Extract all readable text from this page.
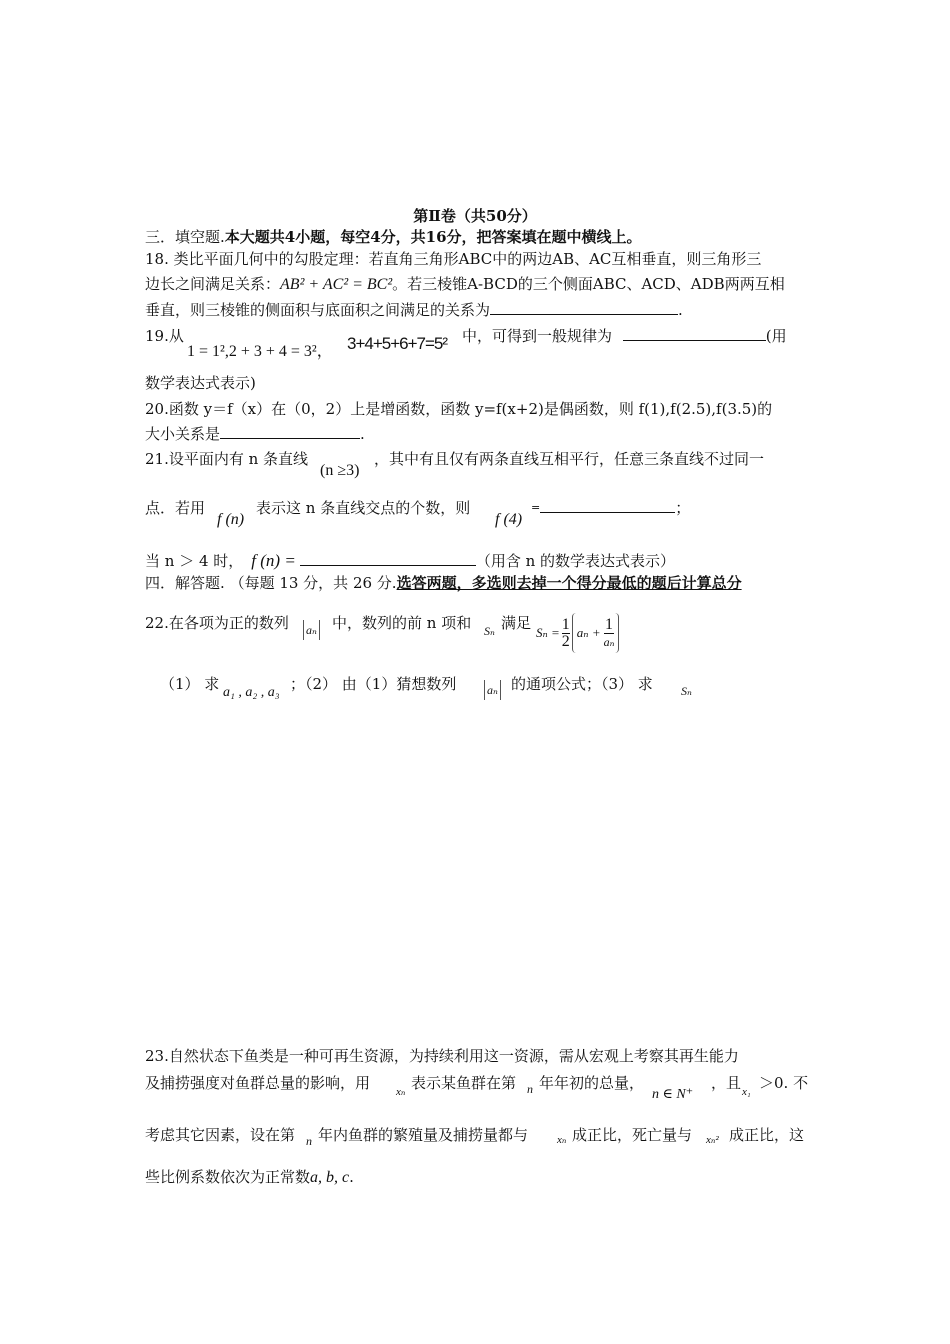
第Ⅱ卷（共50分）
三．填空题.本大题共4小题，每空4分，共16分，把答案填在题中横线上。
18. 类比平面几何中的勾股定理：若直角三角形ABC中的两边AB、AC互相垂直，则三角形三
边长之间满足关系：AB² + AC² = BC²。若三棱锥A-BCD的三个侧面ABC、ACD、ADB两两互相
垂直，则三棱锥的侧面积与底面积之间满足的关系为	.
19.从
1 = 1²,2 + 3 + 4 = 3²， 3+4+5+6+7=5² 中，可得到一般规律为	(用
数学表达式表示)
20.函数 y＝f（x）在（0，2）上是增函数，函数 y=f(x+2)是偶函数，则 f(1),f(2.5),f(3.5)的
大小关系是	.
21.设平面内有 n 条直线
(n ≥3)
，其中有且仅有两条直线互相平行，任意三条直线不过同一
点．若用
f (n)
表示这 n 条直线交点的个数，则
f (4)
=	；
当 n ＞ 4 时， f (n) =	（用含 n 的数学表达式表示）
四．解答题. （每题 13 分，共 26 分.选答两题，多选则去掉一个得分最低的题后计算总分
22.在各项为正的数列 aₙ 中，数列的前 n 项和 Sₙ 满足
$S_n = \frac{1}{2}$ $a_n + \frac{1}{\text{aₙ}}$
（1） 求 a₁ , a₂ , a₃ ；（2） 由（1）猜想数列	aₙ 的通项公式；（3） 求 Sₙ
23.自然状态下鱼类是一种可再生资源，为持续利用这一资源，需从宏观上考察其再生能力
及捕捞强度对鱼群总量的影响，用 xₙ 表示某鱼群在第 n 年年初的总量，
n ∈ N⁺
，且 x₁ ＞0. 不
考虑其它因素，设在第 n 年内鱼群的繁殖量及捕捞量都与	xₙ 成正比，死亡量与 xₙ² 成正比，这
些比例系数依次为正常数a, b, c.
